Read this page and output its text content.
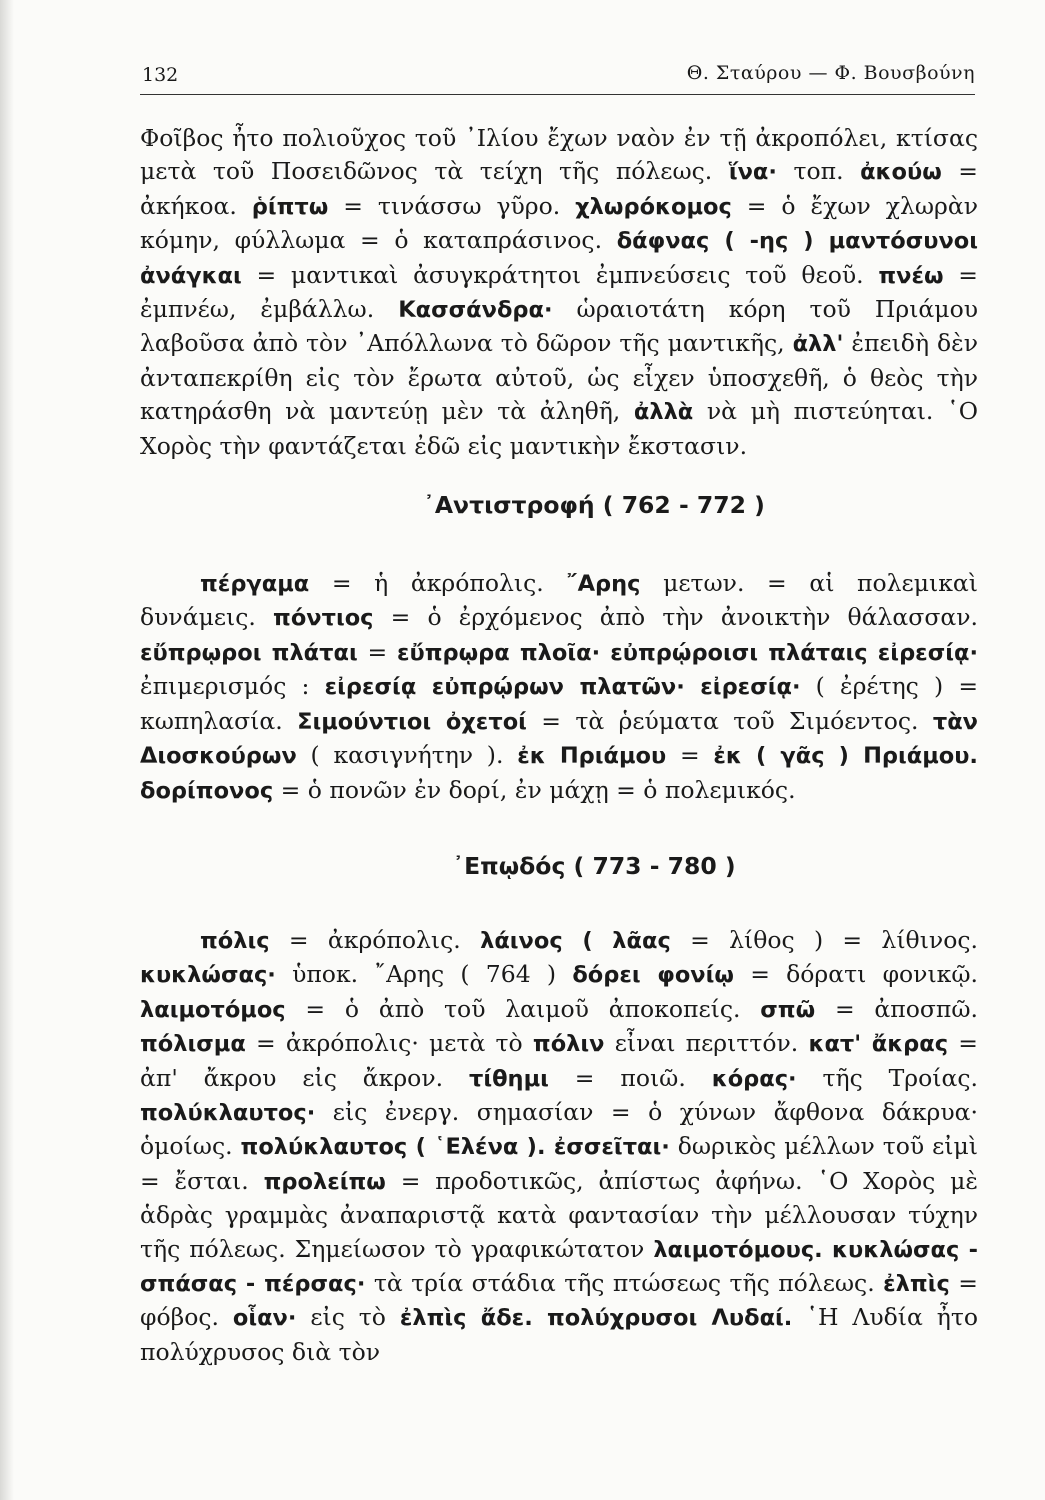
132	Θ. Σταύρου — Φ. Βουσβούνη
Φοῖβος ἦτο πολιοῦχος τοῦ ᾿Ιλίου ἔχων ναὸν ἐν τῇ ἀκροπόλει, κτίσας μετὰ τοῦ Ποσειδῶνος τὰ τείχη τῆς πόλεως. ἵνα· τοπ. ἀκούω = ἀκήκοα. ῥίπτω = τινάσσω γῦρο. χλωρόκομος = ὁ ἔχων χλωρὰν κόμην, φύλλωμα = ὁ καταπράσινος. δάφνας ( -ης ) μαντόσυνοι ἀνάγκαι = μαντικαὶ ἀσυγκράτητοι ἐμπνεύσεις τοῦ θεοῦ. πνέω = ἐμπνέω, ἐμβάλλω. Κασσάνδρα· ὡραιοτάτη κόρη τοῦ Πριάμου λαβοῦσα ἀπὸ τὸν ᾿Απόλλωνα τὸ δῶρον τῆς μαντικῆς, ἀλλ' ἐπειδὴ δὲν ἀνταπεκρίθη εἰς τὸν ἔρωτα αὐτοῦ, ὡς εἶχεν ὑποσχεθῆ, ὁ θεὸς τὴν κατηράσθη νὰ μαντεύῃ μὲν τὰ ἀληθῆ, ἀλλὰ νὰ μὴ πιστεύηται. ῾Ο Χορὸς τὴν φαντάζεται ἐδῶ εἰς μαντικὴν ἔκστασιν.
᾿Αντιστροφή ( 762 - 772 )
πέργαμα = ἡ ἀκρόπολις. ῎Αρης μετων. = αἱ πολεμικαὶ δυνάμεις. πόντιος = ὁ ἐρχόμενος ἀπὸ τὴν ἀνοικτὴν θάλασσαν. εὔπρῳροι πλάται = εὔπρῳρα πλοῖα· εὐπρῴροισι πλάταις εἰρεσίᾳ· ἐπιμερισμός : εἰρεσίᾳ εὐπρῴρων πλατῶν· εἰρεσίᾳ· ( ἐρέτης ) = κωπηλασία. Σιμούντιοι ὀχετοί = τὰ ῥεύματα τοῦ Σιμόεντος. τὰν Διοσκούρων ( κασιγνήτην ). ἐκ Πριάμου = ἐκ ( γᾶς ) Πριάμου. δορίπονος = ὁ πονῶν ἐν δορί, ἐν μάχῃ = ὁ πολεμικός.
᾿Επῳδός ( 773 - 780 )
πόλις = ἀκρόπολις. λάινος ( λᾶας = λίθος ) = λίθινος. κυκλώσας· ὑποκ. ῎Αρης ( 764 ) δόρει φονίῳ = δόρατι φονικῷ. λαιμοτόμος = ὁ ἀπὸ τοῦ λαιμοῦ ἀποκοπείς. σπῶ = ἀποσπῶ. πόλισμα = ἀκρόπολις· μετὰ τὸ πόλιν εἶναι περιττόν. κατ' ἄκρας = ἀπ' ἄκρου εἰς ἄκρον. τίθημι = ποιῶ. κόρας· τῆς Τροίας. πολύκλαυτος· εἰς ἐνεργ. σημασίαν = ὁ χύνων ἄφθονα δάκρυα· ὁμοίως. πολύκλαυτος ( ῾Ελένα ). ἐσσεῖται· δωρικὸς μέλλων τοῦ εἰμὶ = ἔσται. προλείπω = προδοτικῶς, ἀπίστως ἀφήνω. ῾Ο Χορὸς μὲ ἁδρὰς γραμμὰς ἀναπαριστᾷ κατὰ φαντασίαν τὴν μέλλουσαν τύχην τῆς πόλεως. Σημείωσον τὸ γραφικώτατον λαιμοτόμους. κυκλώσας - σπάσας - πέρσας· τὰ τρία στάδια τῆς πτώσεως τῆς πόλεως. ἐλπὶς = φόβος. οἷαν· εἰς τὸ ἐλπὶς ἄδε. πολύχρυσοι Λυδαί. ῾Η Λυδία ἦτο πολύχρυσος διὰ τὸν
